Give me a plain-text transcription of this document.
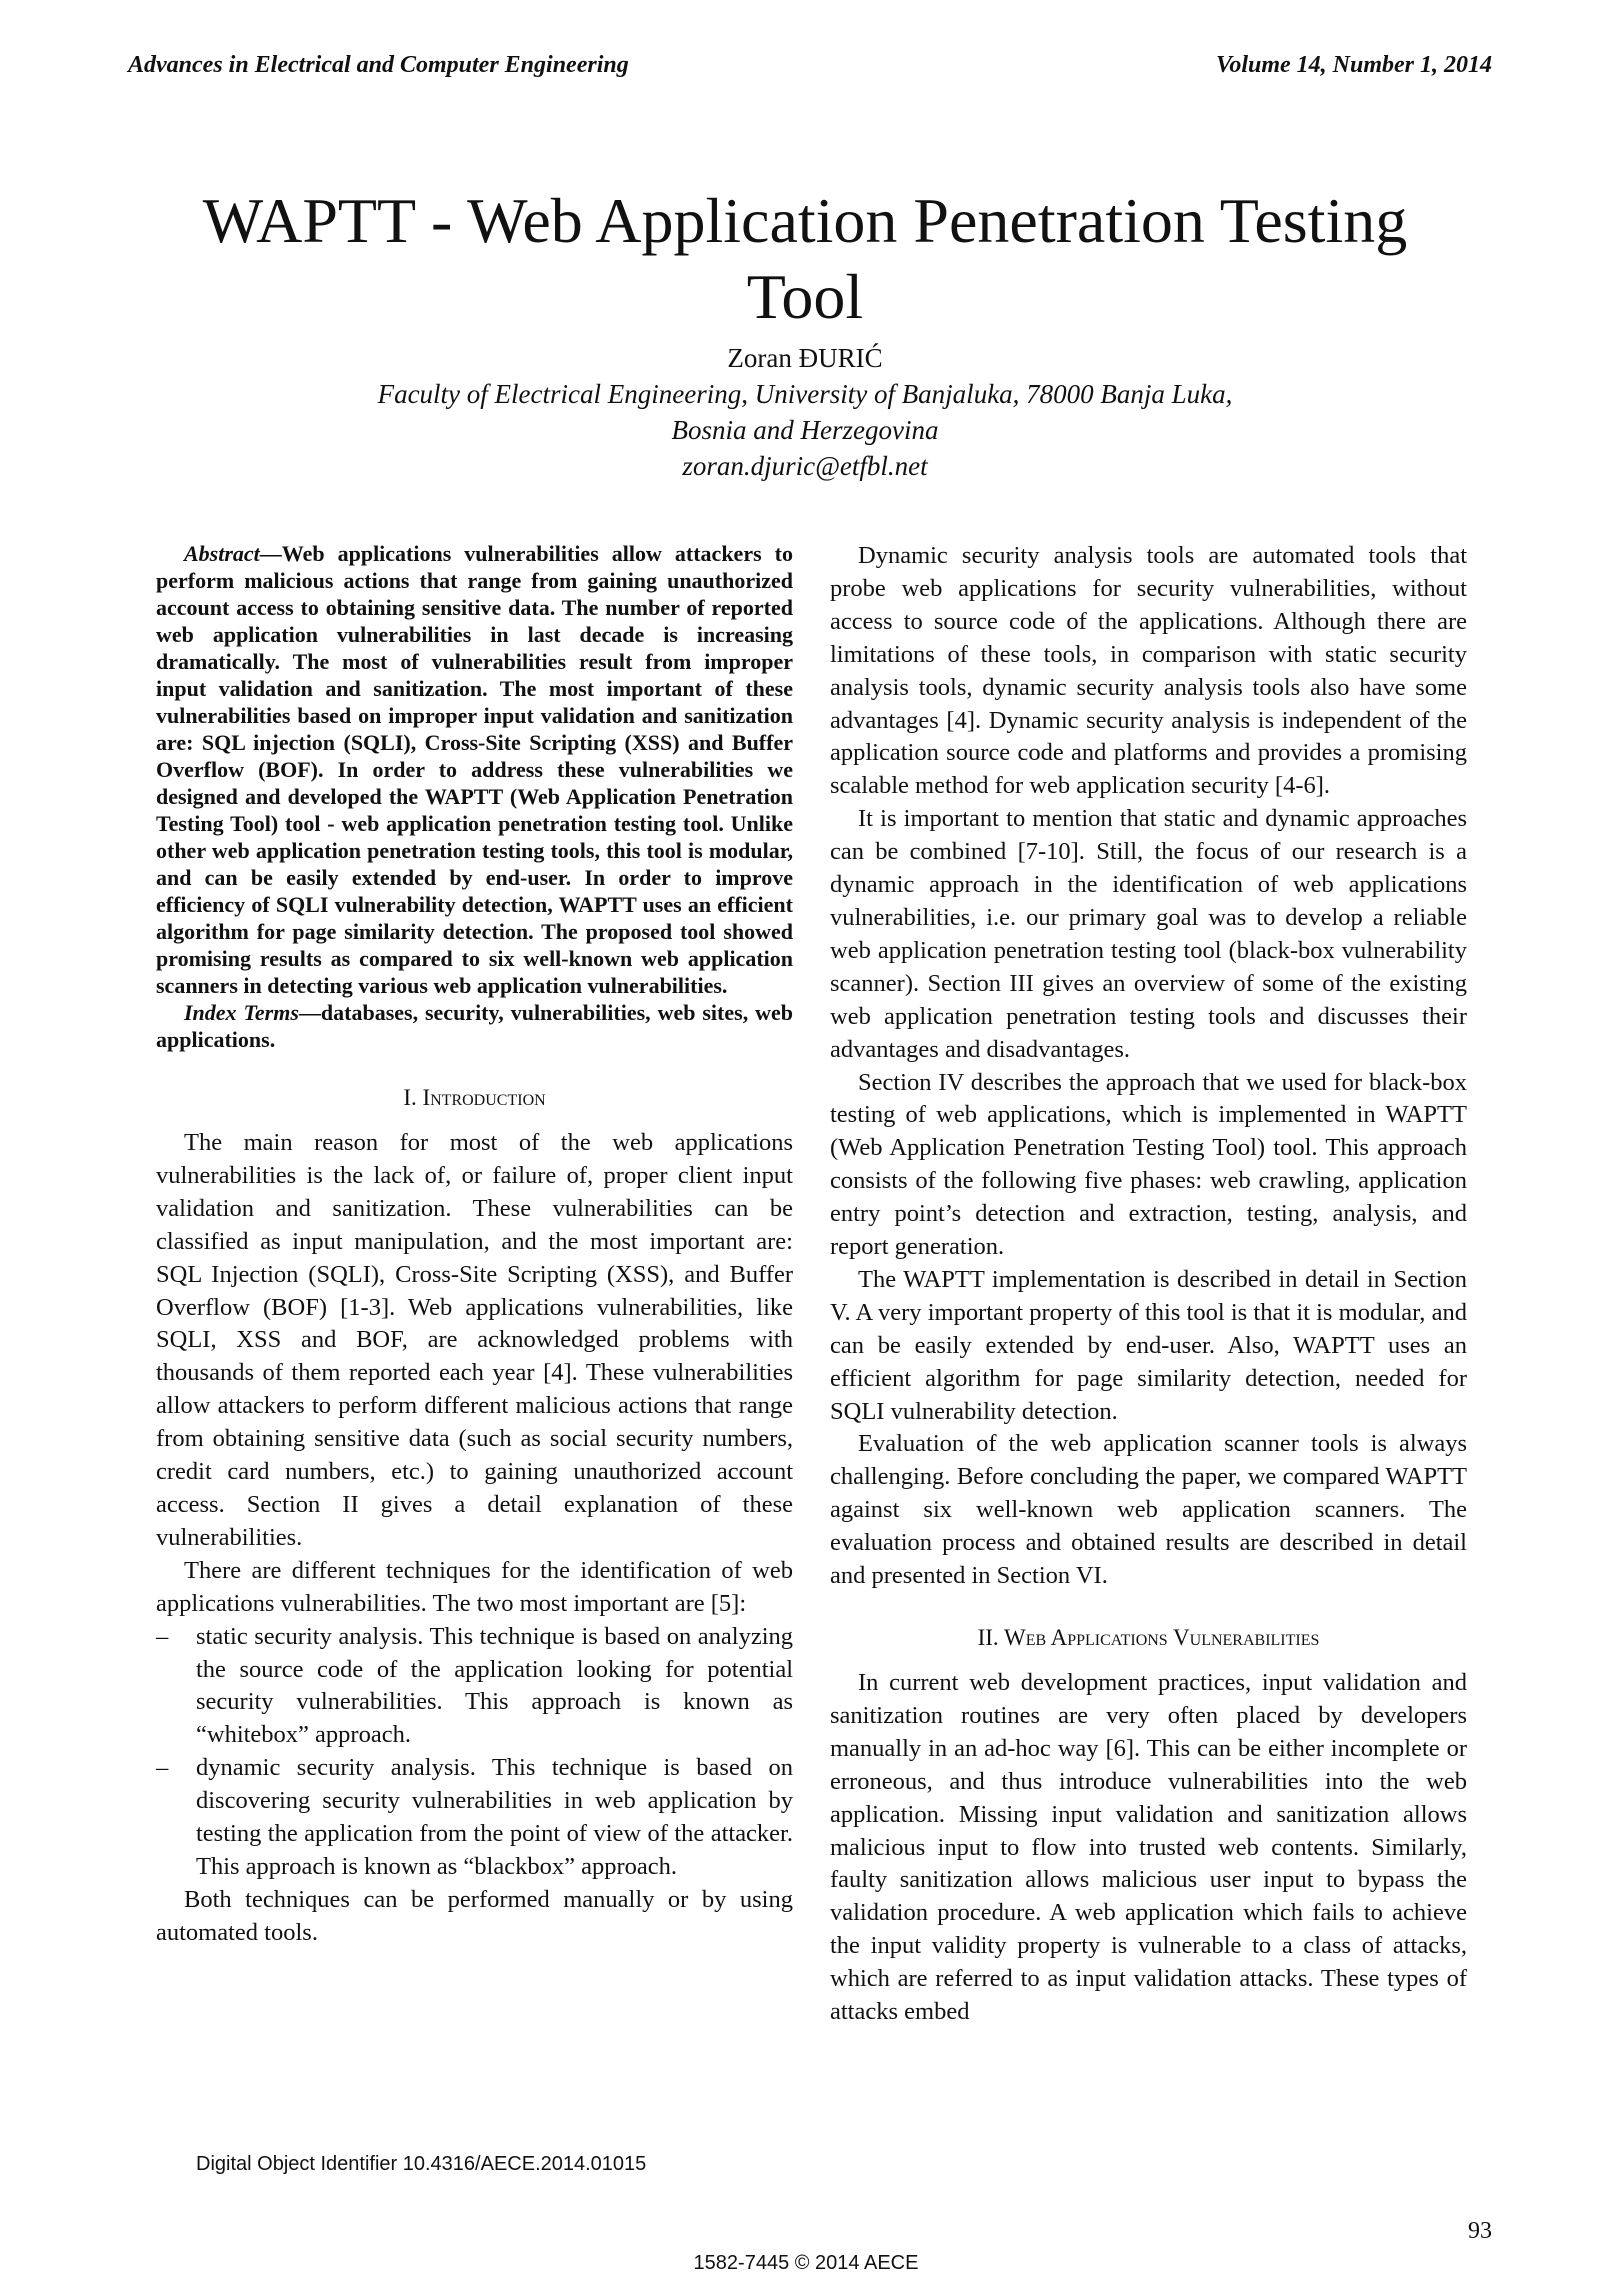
Advances in Electrical and Computer Engineering	Volume 14, Number 1, 2014
WAPTT - Web Application Penetration Testing Tool
Zoran ĐURIĆ
Faculty of Electrical Engineering, University of Banjaluka, 78000 Banja Luka,
Bosnia and Herzegovina
zoran.djuric@etfbl.net

Abstract—Web applications vulnerabilities allow attackers to perform malicious actions that range from gaining unauthorized account access to obtaining sensitive data. The number of reported web application vulnerabilities in last decade is increasing dramatically. The most of vulnerabilities result from improper input validation and sanitization. The most important of these vulnerabilities based on improper input validation and sanitization are: SQL injection (SQLI), Cross-Site Scripting (XSS) and Buffer Overflow (BOF). In order to address these vulnerabilities we designed and developed the WAPTT (Web Application Penetration Testing Tool) tool - web application penetration testing tool. Unlike other web application penetration testing tools, this tool is modular, and can be easily extended by end-user. In order to improve efficiency of SQLI vulnerability detection, WAPTT uses an efficient algorithm for page similarity detection. The proposed tool showed promising results as compared to six well-known web application scanners in detecting various web application vulnerabilities.

Index Terms—databases, security, vulnerabilities, web sites, web applications.

I. Introduction

The main reason for most of the web applications vulnerabilities is the lack of, or failure of, proper client input validation and sanitization. These vulnerabilities can be classified as input manipulation, and the most important are: SQL Injection (SQLI), Cross-Site Scripting (XSS), and Buffer Overflow (BOF) [1-3]. Web applications vulnerabilities, like SQLI, XSS and BOF, are acknowledged problems with thousands of them reported each year [4]. These vulnerabilities allow attackers to perform different malicious actions that range from obtaining sensitive data (such as social security numbers, credit card numbers, etc.) to gaining unauthorized account access. Section II gives a detail explanation of these vulnerabilities.

There are different techniques for the identification of web applications vulnerabilities. The two most important are [5]:

– static security analysis. This technique is based on analyzing the source code of the application looking for potential security vulnerabilities. This approach is known as “whitebox” approach.
– dynamic security analysis. This technique is based on discovering security vulnerabilities in web application by testing the application from the point of view of the attacker. This approach is known as “blackbox” approach.

Both techniques can be performed manually or by using automated tools.

Dynamic security analysis tools are automated tools that probe web applications for security vulnerabilities, without access to source code of the applications. Although there are limitations of these tools, in comparison with static security analysis tools, dynamic security analysis tools also have some advantages [4]. Dynamic security analysis is independent of the application source code and platforms and provides a promising scalable method for web application security [4-6].

It is important to mention that static and dynamic approaches can be combined [7-10]. Still, the focus of our research is a dynamic approach in the identification of web applications vulnerabilities, i.e. our primary goal was to develop a reliable web application penetration testing tool (black-box vulnerability scanner). Section III gives an overview of some of the existing web application penetration testing tools and discusses their advantages and disadvantages.

Section IV describes the approach that we used for black-box testing of web applications, which is implemented in WAPTT (Web Application Penetration Testing Tool) tool. This approach consists of the following five phases: web crawling, application entry point’s detection and extraction, testing, analysis, and report generation.

The WAPTT implementation is described in detail in Section V. A very important property of this tool is that it is modular, and can be easily extended by end-user. Also, WAPTT uses an efficient algorithm for page similarity detection, needed for SQLI vulnerability detection.

Evaluation of the web application scanner tools is always challenging. Before concluding the paper, we compared WAPTT against six well-known web application scanners. The evaluation process and obtained results are described in detail and presented in Section VI.

II. Web Applications Vulnerabilities

In current web development practices, input validation and sanitization routines are very often placed by developers manually in an ad-hoc way [6]. This can be either incomplete or erroneous, and thus introduce vulnerabilities into the web application. Missing input validation and sanitization allows malicious input to flow into trusted web contents. Similarly, faulty sanitization allows malicious user input to bypass the validation procedure. A web application which fails to achieve the input validity property is vulnerable to a class of attacks, which are referred to as input validation attacks. These types of attacks embed

Digital Object Identifier 10.4316/AECE.2014.01015
93
1582-7445 © 2014 AECE
